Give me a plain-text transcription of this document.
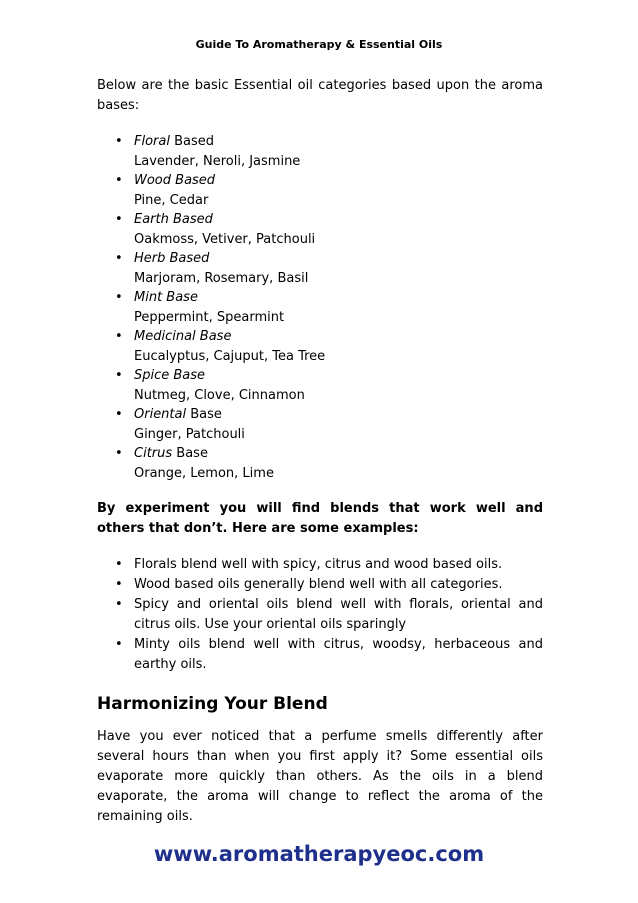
Guide To Aromatherapy & Essential Oils

Below are the basic Essential oil categories based upon the aroma bases:

• Floral Based
Lavender, Neroli, Jasmine
• Wood Based
Pine, Cedar
• Earth Based
Oakmoss, Vetiver, Patchouli
• Herb Based
Marjoram, Rosemary, Basil
• Mint Base
Peppermint, Spearmint
• Medicinal Base
Eucalyptus, Cajuput, Tea Tree
• Spice Base
Nutmeg, Clove, Cinnamon
• Oriental Base
Ginger, Patchouli
• Citrus Base
Orange, Lemon, Lime

By experiment you will find blends that work well and others that don’t. Here are some examples:

• Florals blend well with spicy, citrus and wood based oils.
• Wood based oils generally blend well with all categories.
• Spicy and oriental oils blend well with florals, oriental and citrus oils. Use your oriental oils sparingly
• Minty oils blend well with citrus, woodsy, herbaceous and earthy oils.
Harmonizing Your Blend

Have you ever noticed that a perfume smells differently after several hours than when you first apply it? Some essential oils evaporate more quickly than others. As the oils in a blend evaporate, the aroma will change to reflect the aroma of the remaining oils.

www.aromatherapyeoc.com
